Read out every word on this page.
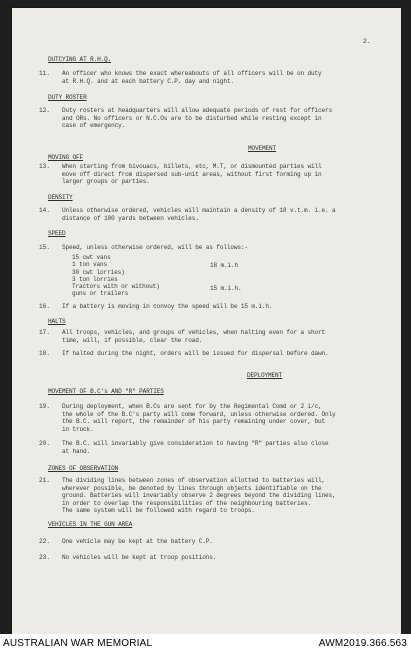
2.
DUTCYING AT R.H.Q.
11. An officer who knows the exact whereabouts of all officers will be on duty
at R.H.Q. and at each battery C.P. day and night.
DUTY ROSTER
12. Duty rosters at headquarters will allow adequate periods of rest for officers
and ORs. No officers or N.C.Os are to be disturbed while resting except in
case of emergency.
MOVEMENT
MOVING OFF
13. When starting from bivouacs, billets, etc, M.T, or dismounted parties will
move off direct from dispersed sub-unit areas, without first forming up in
larger groups or parties.
DENSITY
14. Unless otherwise ordered, vehicles will maintain a density of 18 v.t.m. i.e. a
distance of 100 yards between vehicles.
SPEED
15. Speed, unless otherwise ordered, will be as follows:-
15 cwt vans
1 ton vans
30 cwt lorries)
3 ton lorries
Tractors with or without)
guns or trailers
18 m.i.h
15 m.i.h.
16. If a battery is moving in convoy the speed will be 15 m.i.h.
HALTS
17. All troops, vehicles, and groups of vehicles, when halting even for a short
time, will, if possible, clear the road.
18. If halted during the night, orders will be issued for dispersal before dawn.
DEPLOYMENT
MOVEMENT OF B.C's AND "R" PARTIES
19. During deployment, when B.Cs are sent for by the Regimental Comd or 2 i/c,
the whole of the B.C's party will come forward, unless otherwise ordered. Only
the B.C. will report, the remainder of his party remaining under cover, but
in truck.
20. The B.C. will invariably give consideration to having "R" parties also close
at hand.
ZONES OF OBSERVATION
21. The dividing lines between zones of observation allotted to batteries will,
wherever possible, be denoted by lines through objects identifiable on the
ground. Batteries will invariably observe 2 degrees beyond the dividing lines,
in order to overlap the responsibilities of the neighbouring batteries.
The same system will be followed with regard to troops.
VEHICLES IN THE GUN AREA
22. One vehicle may be kept at the battery C.P.
23. No vehicles will be kept at troop positions.
AUSTRALIAN WAR MEMORIAL	AWM2019.366.563
